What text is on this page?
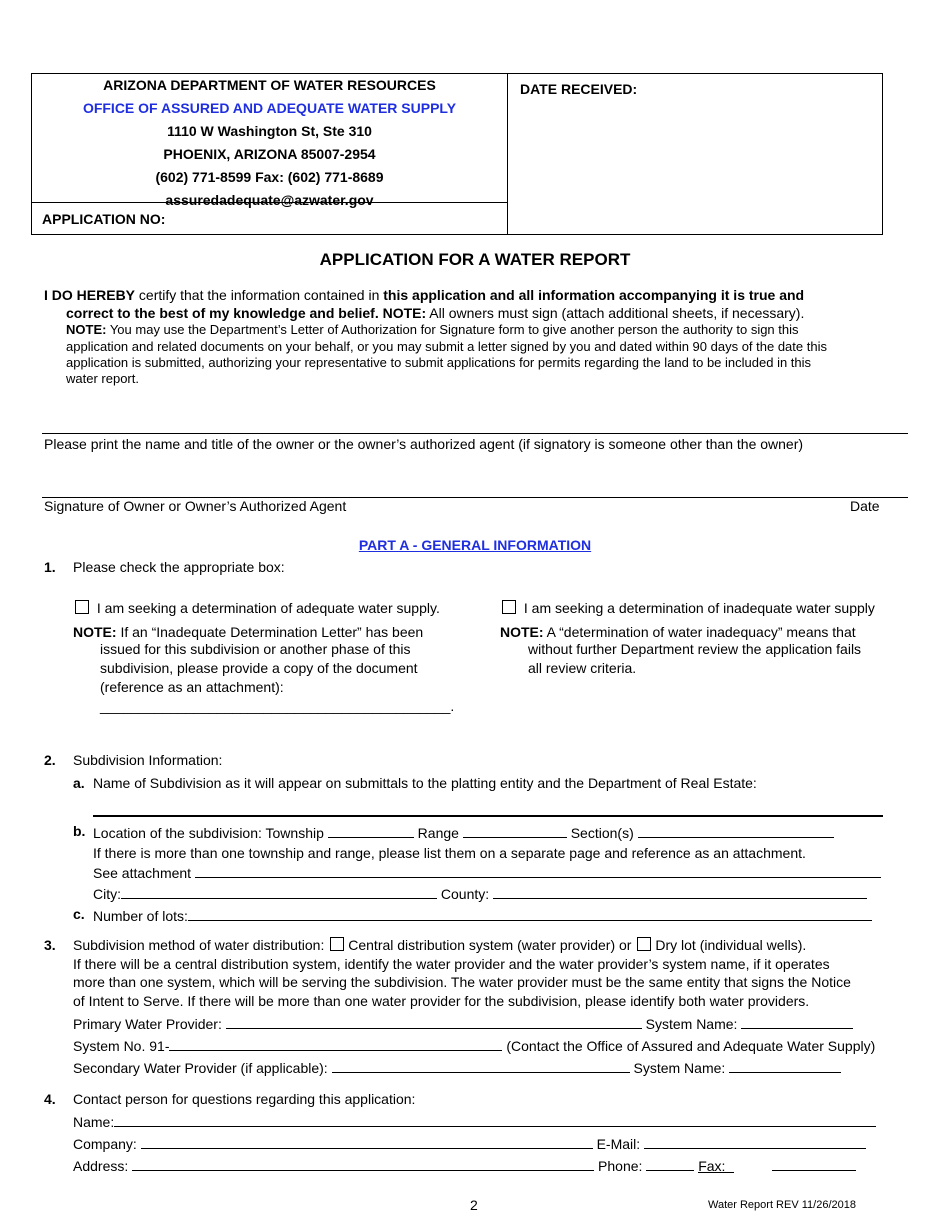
ARIZONA DEPARTMENT OF WATER RESOURCES
OFFICE OF ASSURED AND ADEQUATE WATER SUPPLY
1110 W Washington St, Ste 310
PHOENIX, ARIZONA 85007-2954
(602) 771-8599 Fax: (602) 771-8689
assuredadequate@azwater.gov
APPLICATION NO:
DATE RECEIVED:
APPLICATION FOR A WATER REPORT
I DO HEREBY certify that the information contained in this application and all information accompanying it is true and
correct to the best of my knowledge and belief. NOTE: All owners must sign (attach additional sheets, if necessary).
NOTE: You may use the Department’s Letter of Authorization for Signature form to give another person the authority to sign this
application and related documents on your behalf, or you may submit a letter signed by you and dated within 90 days of the date this
application is submitted, authorizing your representative to submit applications for permits regarding the land to be included in this
water report.
Please print the name and title of the owner or the owner’s authorized agent (if signatory is someone other than the owner)
Signature of Owner or Owner’s Authorized Agent	Date
PART A - GENERAL INFORMATION
1. Please check the appropriate box:
I am seeking a determination of adequate water supply.	I am seeking a determination of inadequate water supply
NOTE: If an “Inadequate Determination Letter” has been
issued for this subdivision or another phase of this
subdivision, please provide a copy of the document
(reference as an attachment):
_____________________________________________.
NOTE: A “determination of water inadequacy” means that
without further Department review the application fails
all review criteria.
2. Subdivision Information:
a. Name of Subdivision as it will appear on submittals to the platting entity and the Department of Real Estate:
b. Location of the subdivision: Township	Range	Section(s)
If there is more than one township and range, please list them on a separate page and reference as an attachment.
See attachment
City:	County:
c. Number of lots:
3. Subdivision method of water distribution: Central distribution system (water provider) or Dry lot (individual wells).
If there will be a central distribution system, identify the water provider and the water provider’s system name, if it operates
more than one system, which will be serving the subdivision. The water provider must be the same entity that signs the Notice
of Intent to Serve. If there will be more than one water provider for the subdivision, please identify both water providers.
Primary Water Provider:	System Name:
System No. 91-	(Contact the Office of Assured and Adequate Water Supply)
Secondary Water Provider (if applicable):	System Name:
4. Contact person for questions regarding this application:
Name:
Company:	E-Mail:
Address:	Phone:	Fax:
2	Water Report REV 11/26/2018
